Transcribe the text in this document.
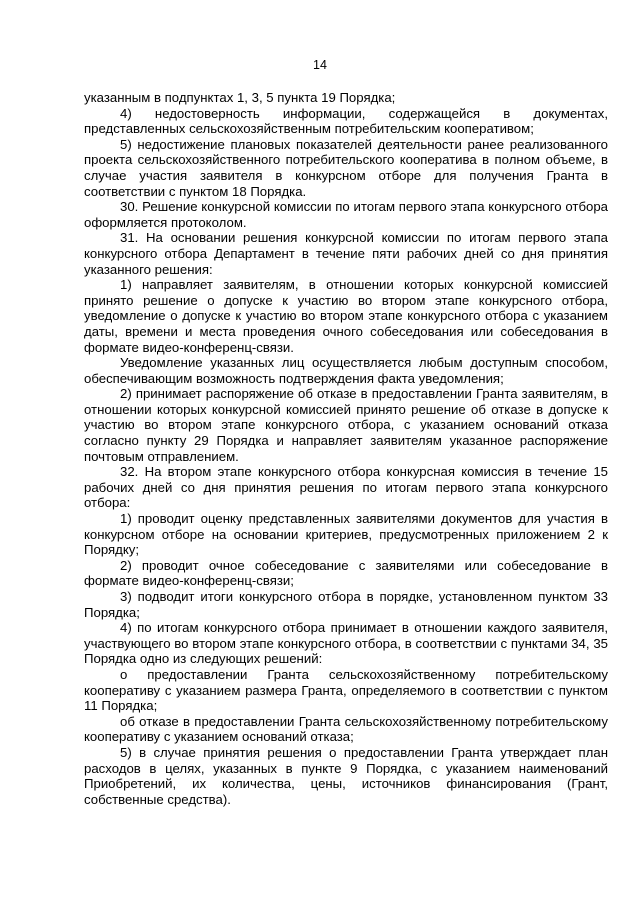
14

указанным в подпунктах 1, 3, 5 пункта 19 Порядка;

4) недостоверность информации, содержащейся в документах, представленных сельскохозяйственным потребительским кооперативом;

5) недостижение плановых показателей деятельности ранее реализованного проекта сельскохозяйственного потребительского кооператива в полном объеме, в случае участия заявителя в конкурсном отборе для получения Гранта в соответствии с пунктом 18 Порядка.

30. Решение конкурсной комиссии по итогам первого этапа конкурсного отбора оформляется протоколом.

31. На основании решения конкурсной комиссии по итогам первого этапа конкурсного отбора Департамент в течение пяти рабочих дней со дня принятия указанного решения:

1) направляет заявителям, в отношении которых конкурсной комиссией принято решение о допуске к участию во втором этапе конкурсного отбора, уведомление о допуске к участию во втором этапе конкурсного отбора с указанием даты, времени и места проведения очного собеседования или собеседования в формате видео-конференц-связи.

Уведомление указанных лиц осуществляется любым доступным способом, обеспечивающим возможность подтверждения факта уведомления;

2) принимает распоряжение об отказе в предоставлении Гранта заявителям, в отношении которых конкурсной комиссией принято решение об отказе в допуске к участию во втором этапе конкурсного отбора, с указанием оснований отказа согласно пункту 29 Порядка и направляет заявителям указанное распоряжение почтовым отправлением.

32. На втором этапе конкурсного отбора конкурсная комиссия в течение 15 рабочих дней со дня принятия решения по итогам первого этапа конкурсного отбора:

1) проводит оценку представленных заявителями документов для участия в конкурсном отборе на основании критериев, предусмотренных приложением 2 к Порядку;

2) проводит очное собеседование с заявителями или собеседование в формате видео-конференц-связи;

3) подводит итоги конкурсного отбора в порядке, установленном пунктом 33 Порядка;

4) по итогам конкурсного отбора принимает в отношении каждого заявителя, участвующего во втором этапе конкурсного отбора, в соответствии с пунктами 34, 35 Порядка одно из следующих решений:

о предоставлении Гранта сельскохозяйственному потребительскому кооперативу с указанием размера Гранта, определяемого в соответствии с пунктом 11 Порядка;

об отказе в предоставлении Гранта сельскохозяйственному потребительскому кооперативу с указанием оснований отказа;

5) в случае принятия решения о предоставлении Гранта утверждает план расходов в целях, указанных в пункте 9 Порядка, с указанием наименований Приобретений, их количества, цены, источников финансирования (Грант, собственные средства).
